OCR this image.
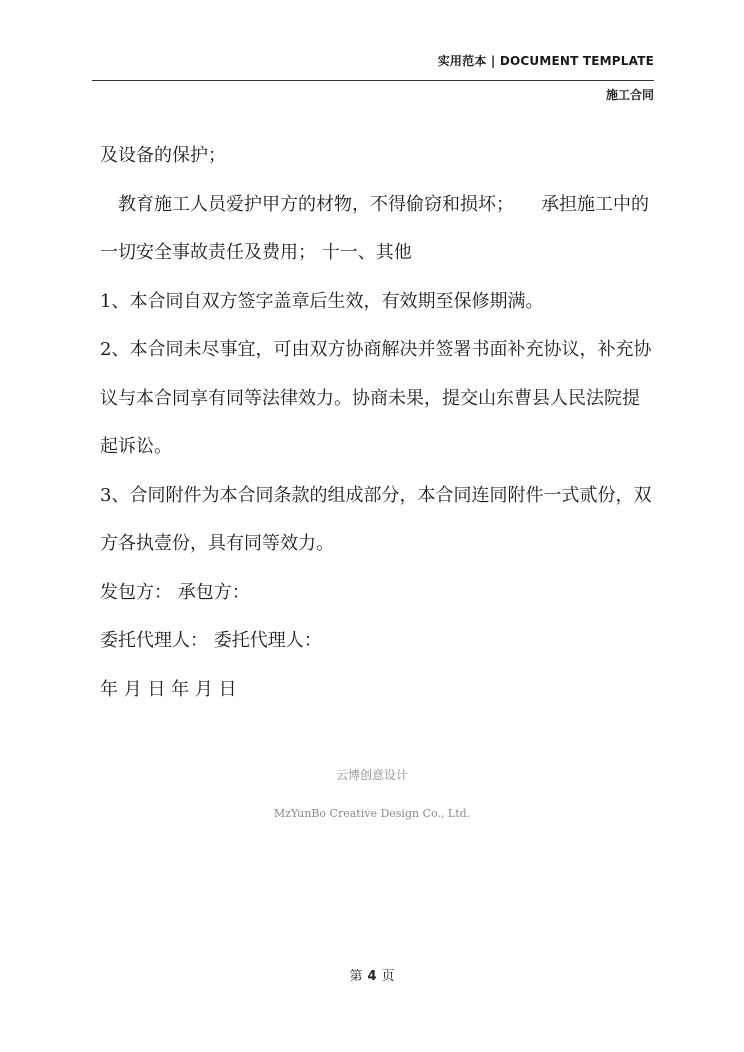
实用范本 | DOCUMENT TEMPLATE
施工合同

及设备的保护；

教育施工人员爱护甲方的材物，不得偷窃和损坏；　　承担施工中的一切安全事故责任及费用； 十一、其他

1、本合同自双方签字盖章后生效，有效期至保修期满。

2、本合同未尽事宜，可由双方协商解决并签署书面补充协议，补充协议与本合同享有同等法律效力。协商未果，提交山东曹县人民法院提起诉讼。

3、合同附件为本合同条款的组成部分，本合同连同附件一式贰份，双方各执壹份，具有同等效力。

发包方： 承包方：

委托代理人： 委托代理人：

年 月 日 年 月 日

云博创意设计
MzYunBo Creative Design Co., Ltd.
第 4 页
